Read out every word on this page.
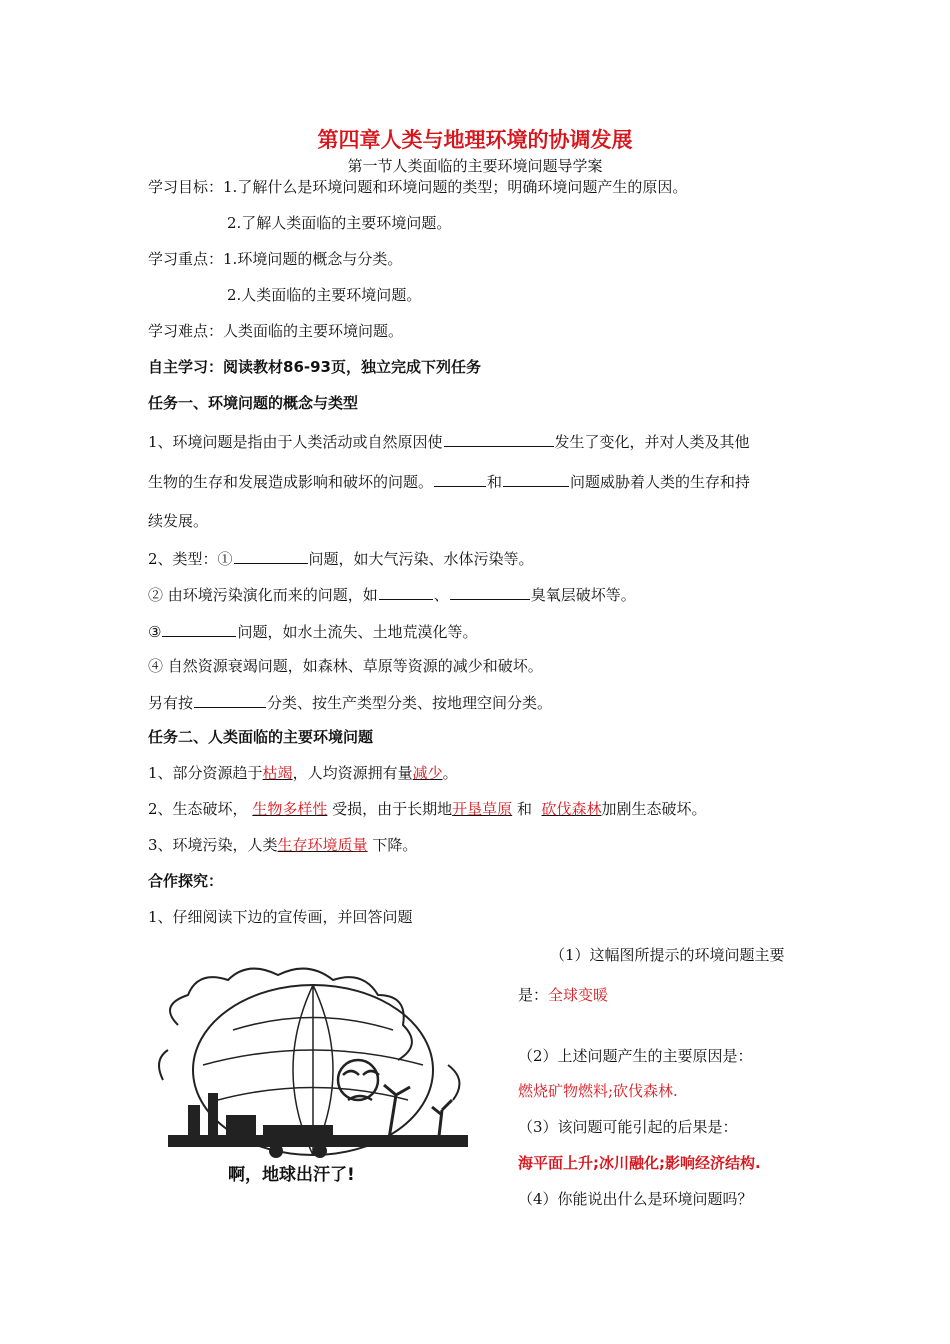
第四章人类与地理环境的协调发展
第一节人类面临的主要环境问题导学案
学习目标：1.了解什么是环境问题和环境问题的类型；明确环境问题产生的原因。
2.了解人类面临的主要环境问题。
学习重点：1.环境问题的概念与分类。
2.人类面临的主要环境问题。
学习难点：人类面临的主要环境问题。
自主学习：阅读教材86-93页，独立完成下列任务
任务一、环境问题的概念与类型
1、环境问题是指由于人类活动或自然原因使	发生了变化，并对人类及其他
生物的生存和发展造成影响和破坏的问题。	和	问题威胁着人类的生存和持
续发展。
2、类型：①	问题，如大气污染、水体污染等。
② 由环境污染演化而来的问题，如	、	臭氧层破坏等。
③	问题，如水土流失、土地荒漠化等。
④ 自然资源衰竭问题，如森林、草原等资源的减少和破坏。
另有按	分类、按生产类型分类、按地理空间分类。
任务二、人类面临的主要环境问题
1、部分资源趋于枯竭，人均资源拥有量减少。
2、生态破坏， 生物多样性 受损，由于长期地开垦草原 和 砍伐森林加剧生态破坏。
3、环境污染，人类生存环境质量 下降。
合作探究：
1、仔细阅读下边的宣传画，并回答问题
啊，地球出汗了!
（1）这幅图所提示的环境问题主要
是：全球变暖
（2）上述问题产生的主要原因是：
燃烧矿物燃料;砍伐森林.
（3）该问题可能引起的后果是：
海平面上升;冰川融化;影响经济结构.
（4）你能说出什么是环境问题吗？
